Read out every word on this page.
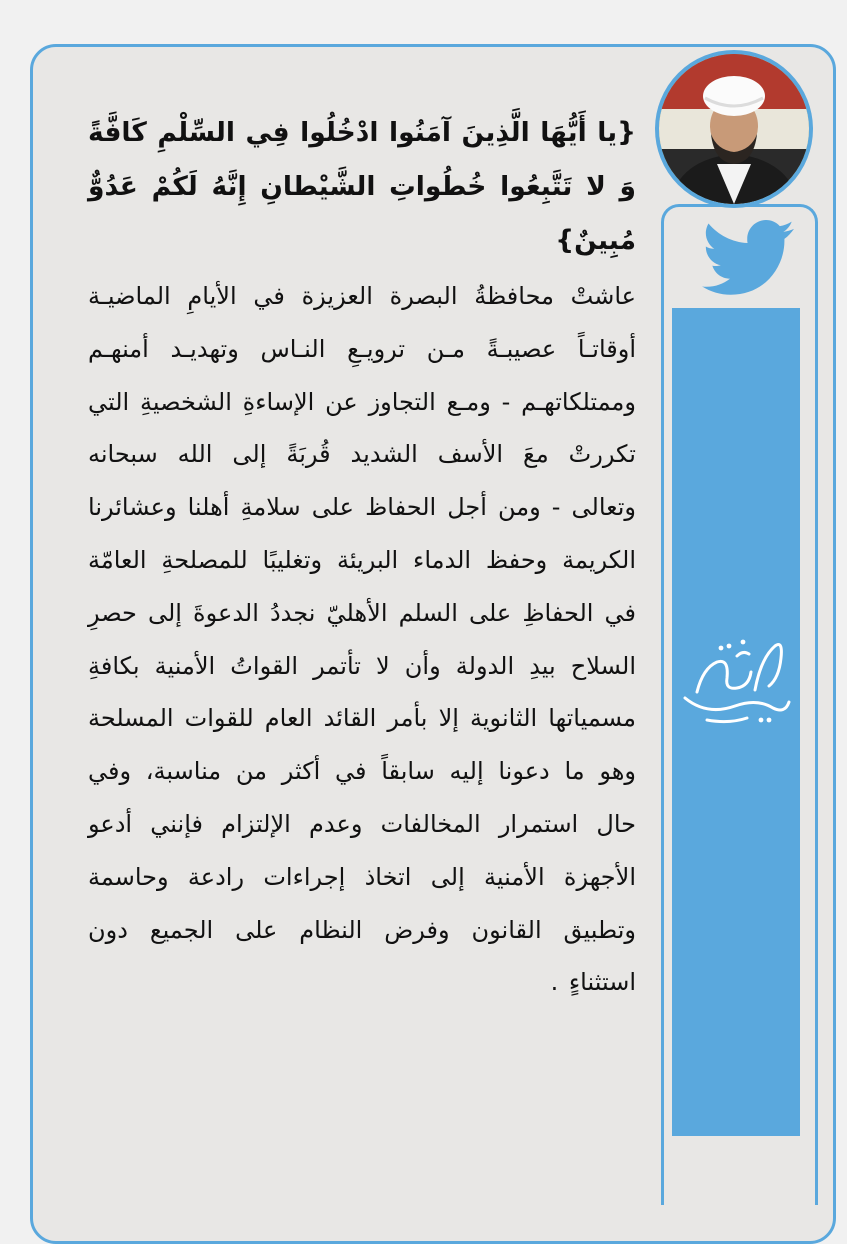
{يا أَيُّهَا الَّذِينَ آمَنُوا ادْخُلُوا فِي السِّلْمِ كَافَّةً وَ لا تَتَّبِعُوا خُطُواتِ الشَّيْطانِ إِنَّهُ لَكُمْ عَدُوٌّ مُبِينٌ}

عاشتْ محافظةُ البصرة العزيزة في الأيامِ الماضيـة أوقاتـاً عصيبـةً مـن ترويـعِ النـاس وتهديـد أمنهـم وممتلكاتهـم - ومـع التجاوز عن الإساءةِ الشخصيةِ التي تكررتْ معَ الأسف الشديد قُربَةً إلى الله سبحانه وتعالى - ومن أجل الحفاظ على سلامةِ أهلنا وعشائرنا الكريمة وحفظ الدماء البريئة وتغليبًا للمصلحةِ العامّة في الحفاظِ على السلم الأهليّ نجددُ الدعوةَ إلى حصرِ السلاح بيدِ الدولة وأن لا تأتمر القواتُ الأمنية بكافةِ مسمياتها الثانوية إلا بأمر القائد العام للقوات المسلحة وهو ما دعونا إليه سابقاً في أكثر من مناسبة، وفي حال استمرار المخالفات وعدم الإلتزام فإنني أدعو الأجهزة الأمنية إلى اتخاذ إجراءات رادعة وحاسمة وتطبيق القانون وفرض النظام على الجميع دون استثناءٍ .
